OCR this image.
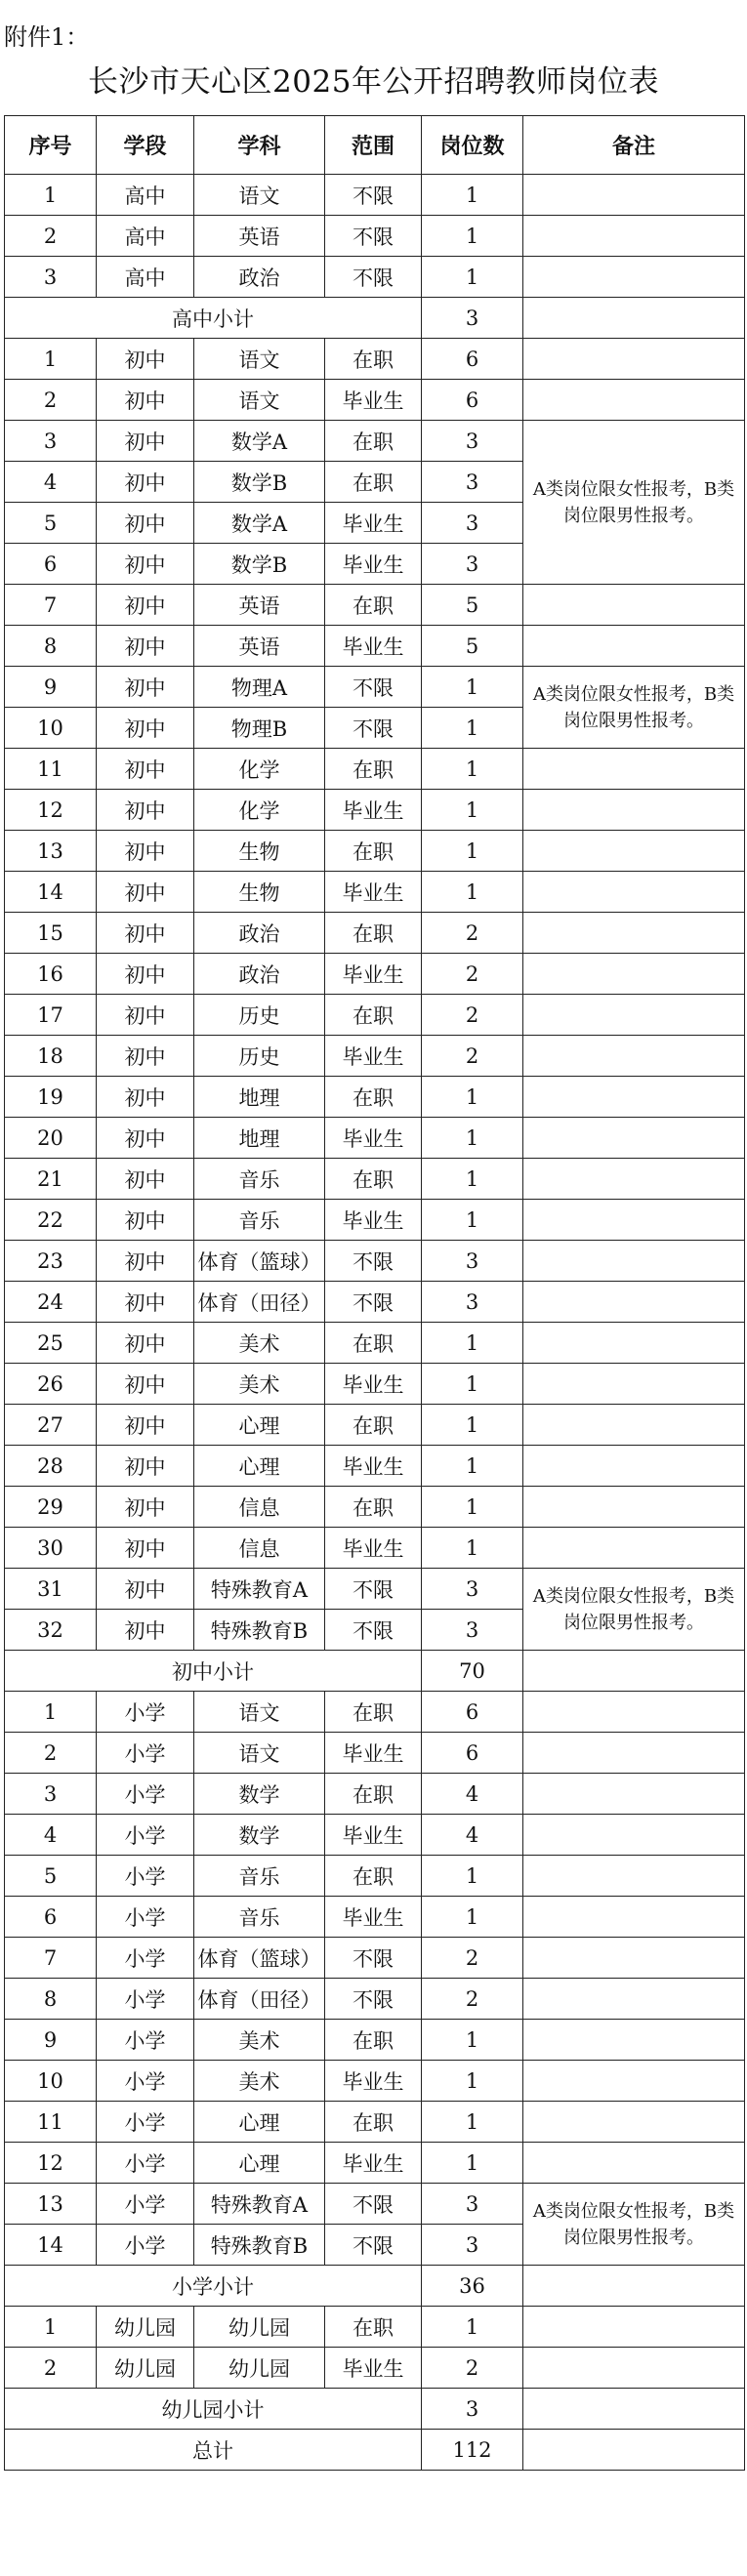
附件1：
长沙市天心区2025年公开招聘教师岗位表
序号	学段	学科	范围	岗位数	备注
1	高中	语文	不限	1	
2	高中	英语	不限	1	
3	高中	政治	不限	1	
高中小计				3	
1	初中	语文	在职	6	
2	初中	语文	毕业生	6	
3	初中	数学A	在职	3	A类岗位限女性报考，B类岗位限男性报考。
4	初中	数学B	在职	3	
5	初中	数学A	毕业生	3	
6	初中	数学B	毕业生	3	
7	初中	英语	在职	5	
8	初中	英语	毕业生	5	
9	初中	物理A	不限	1	A类岗位限女性报考，B类岗位限男性报考。
10	初中	物理B	不限	1	
11	初中	化学	在职	1	
12	初中	化学	毕业生	1	
13	初中	生物	在职	1	
14	初中	生物	毕业生	1	
15	初中	政治	在职	2	
16	初中	政治	毕业生	2	
17	初中	历史	在职	2	
18	初中	历史	毕业生	2	
19	初中	地理	在职	1	
20	初中	地理	毕业生	1	
21	初中	音乐	在职	1	
22	初中	音乐	毕业生	1	
23	初中	体育（篮球）	不限	3	
24	初中	体育（田径）	不限	3	
25	初中	美术	在职	1	
26	初中	美术	毕业生	1	
27	初中	心理	在职	1	
28	初中	心理	毕业生	1	
29	初中	信息	在职	1	
30	初中	信息	毕业生	1	
31	初中	特殊教育A	不限	3	A类岗位限女性报考，B类岗位限男性报考。
32	初中	特殊教育B	不限	3	
初中小计				70	
1	小学	语文	在职	6	
2	小学	语文	毕业生	6	
3	小学	数学	在职	4	
4	小学	数学	毕业生	4	
5	小学	音乐	在职	1	
6	小学	音乐	毕业生	1	
7	小学	体育（篮球）	不限	2	
8	小学	体育（田径）	不限	2	
9	小学	美术	在职	1	
10	小学	美术	毕业生	1	
11	小学	心理	在职	1	
12	小学	心理	毕业生	1	
13	小学	特殊教育A	不限	3	A类岗位限女性报考，B类岗位限男性报考。
14	小学	特殊教育B	不限	3	
小学小计				36	
1	幼儿园	幼儿园	在职	1	
2	幼儿园	幼儿园	毕业生	2	
幼儿园小计				3	
总计				112	
